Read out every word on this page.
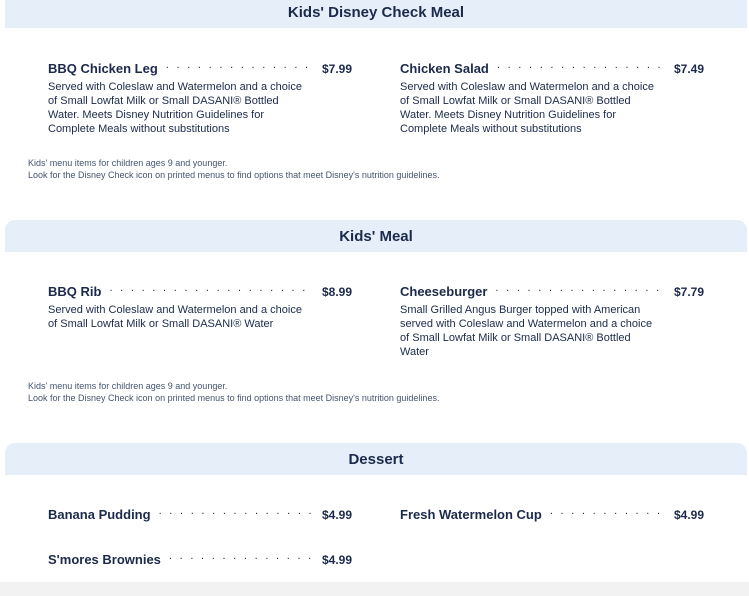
Kids' Disney Check Meal
BBQ Chicken Leg . . .	$7.99
Served with Coleslaw and Watermelon and a choice of Small Lowfat Milk or Small DASANI® Bottled Water. Meets Disney Nutrition Guidelines for Complete Meals without substitutions
Chicken Salad . . .	$7.49
Served with Coleslaw and Watermelon and a choice of Small Lowfat Milk or Small DASANI® Bottled Water. Meets Disney Nutrition Guidelines for Complete Meals without substitutions
Kids' menu items for children ages 9 and younger.
Look for the Disney Check icon on printed menus to find options that meet Disney's nutrition guidelines.
Kids' Meal
BBQ Rib . . .	$8.99
Served with Coleslaw and Watermelon and a choice of Small Lowfat Milk or Small DASANI® Water
Cheeseburger . . .	$7.79
Small Grilled Angus Burger topped with American served with Coleslaw and Watermelon and a choice of Small Lowfat Milk or Small DASANI® Bottled Water
Kids' menu items for children ages 9 and younger.
Look for the Disney Check icon on printed menus to find options that meet Disney's nutrition guidelines.
Dessert
Banana Pudding . . .	$4.99	Fresh Watermelon Cup . . .	$4.99
S'mores Brownies . . .	$4.99
